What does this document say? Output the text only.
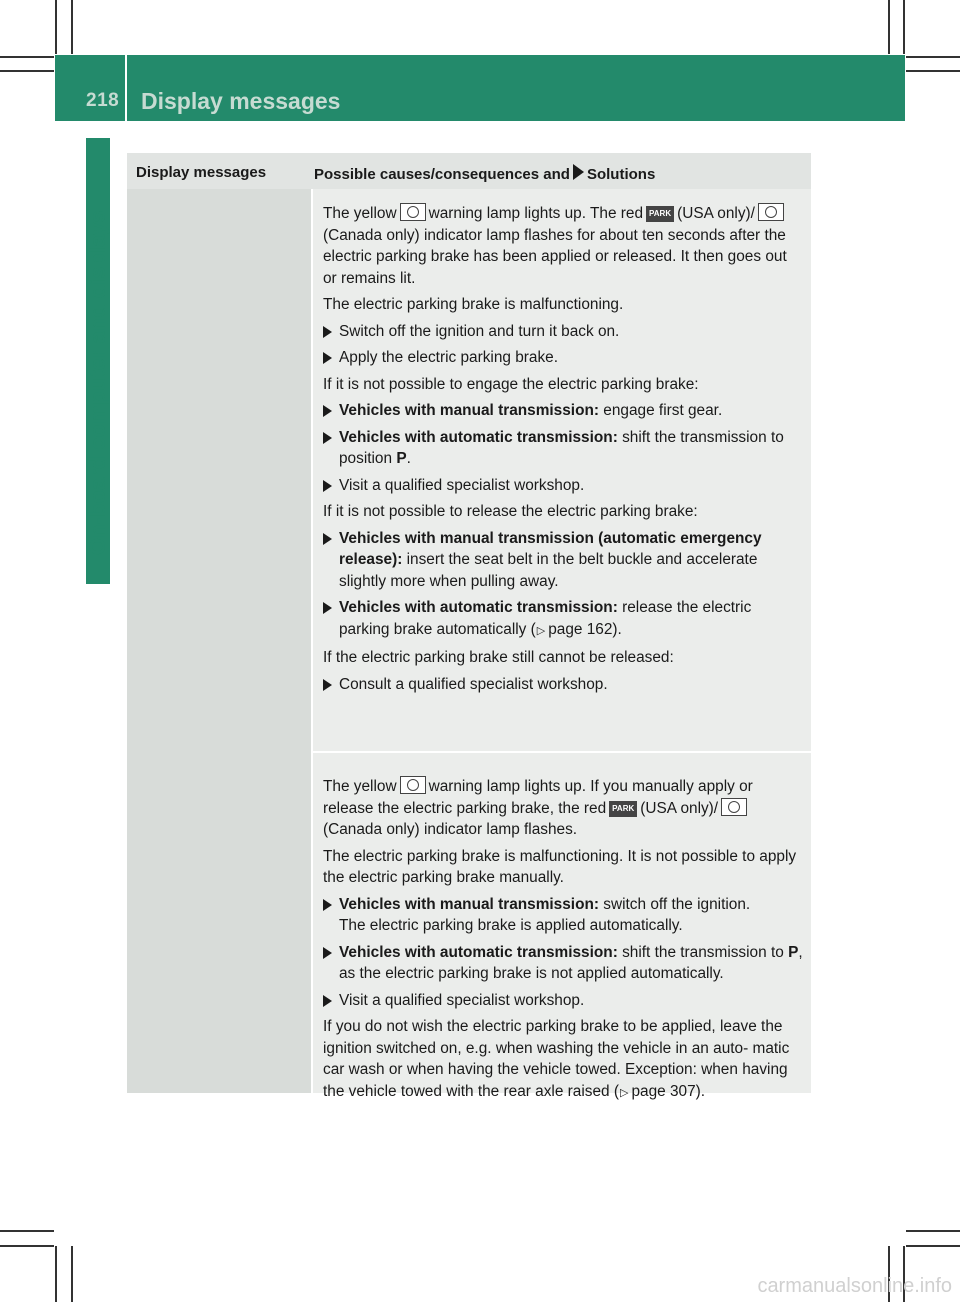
218 Display messages
On-board computer and displays
Display messages	Possible causes/consequences and Solutions

The yellow warning lamp lights up. The red PARK (USA only)/(Canada only) indicator lamp flashes for about ten seconds after the electric parking brake has been applied or released. It then goes out or remains lit.

The electric parking brake is malfunctioning.

Switch off the ignition and turn it back on.
Apply the electric parking brake.

If it is not possible to engage the electric parking brake:

Vehicles with manual transmission: engage first gear.
Vehicles with automatic transmission: shift the transmission to position P.
Visit a qualified specialist workshop.

If it is not possible to release the electric parking brake:

Vehicles with manual transmission (automatic emergency release): insert the seat belt in the belt buckle and accelerate slightly more when pulling away.
Vehicles with automatic transmission: release the electric parking brake automatically (▷ page 162).

If the electric parking brake still cannot be released:

Consult a qualified specialist workshop.

The yellow warning lamp lights up. If you manually apply or release the electric parking brake, the red PARK (USA only)/(Canada only) indicator lamp flashes.

The electric parking brake is malfunctioning. It is not possible to apply the electric parking brake manually.

Vehicles with manual transmission: switch off the ignition.
The electric parking brake is applied automatically.
Vehicles with automatic transmission: shift the transmission to P, as the electric parking brake is not applied automatically.
Visit a qualified specialist workshop.

If you do not wish the electric parking brake to be applied, leave the ignition switched on, e.g. when washing the vehicle in an auto- matic car wash or when having the vehicle towed. Exception: when having the vehicle towed with the rear axle raised (▷ page 307).

carmanualsonline.info
